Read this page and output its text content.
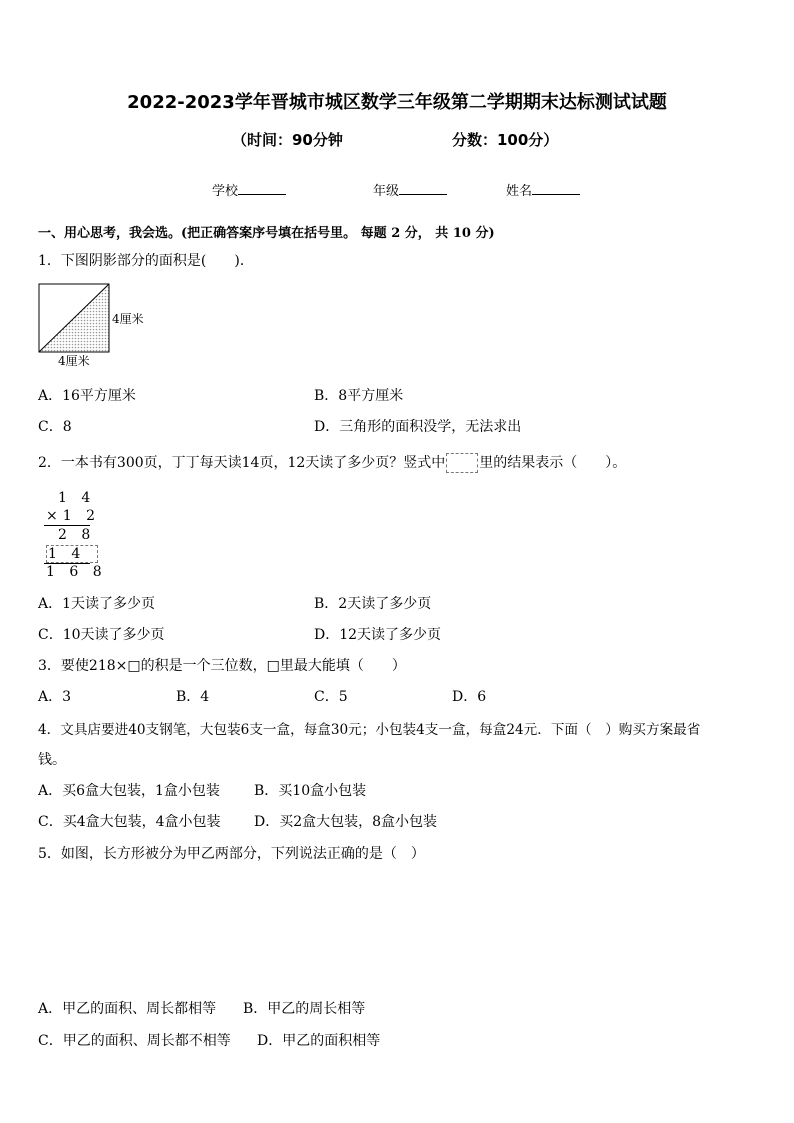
2022-2023学年晋城市城区数学三年级第二学期期末达标测试试题
（时间：90分钟	分数：100分）
学校	年级	姓名
一、用心思考，我会选。(把正确答案序号填在括号里。 每题 2 分， 共 10 分)
1．下图阴影部分的面积是(　　)．
4厘米
4厘米
A．16平方厘米	B．8平方厘米
C．8	D．三角形的面积没学，无法求出
2．一本书有300页，丁丁每天读14页，12天读了多少页？竖式中 里的结果表示（　　）。
1 4
×1 2
2 8
1 4
1 6 8
A．1天读了多少页	B．2天读了多少页
C．10天读了多少页	D．12天读了多少页
3．要使218×□的积是一个三位数，□里最大能填（　　）
A．3	B．4	C．5	D．6
4．文具店要进40支钢笔，大包装6支一盒，每盒30元；小包装4支一盒，每盒24元．下面（　）购买方案最省
钱。
A．买6盒大包装，1盒小包装 B．买10盒小包装
C．买4盒大包装，4盒小包装 D．买2盒大包装，8盒小包装
5．如图，长方形被分为甲乙两部分，下列说法正确的是（　）
A．甲乙的面积、周长都相等 B．甲乙的周长相等
C．甲乙的面积、周长都不相等 D．甲乙的面积相等
